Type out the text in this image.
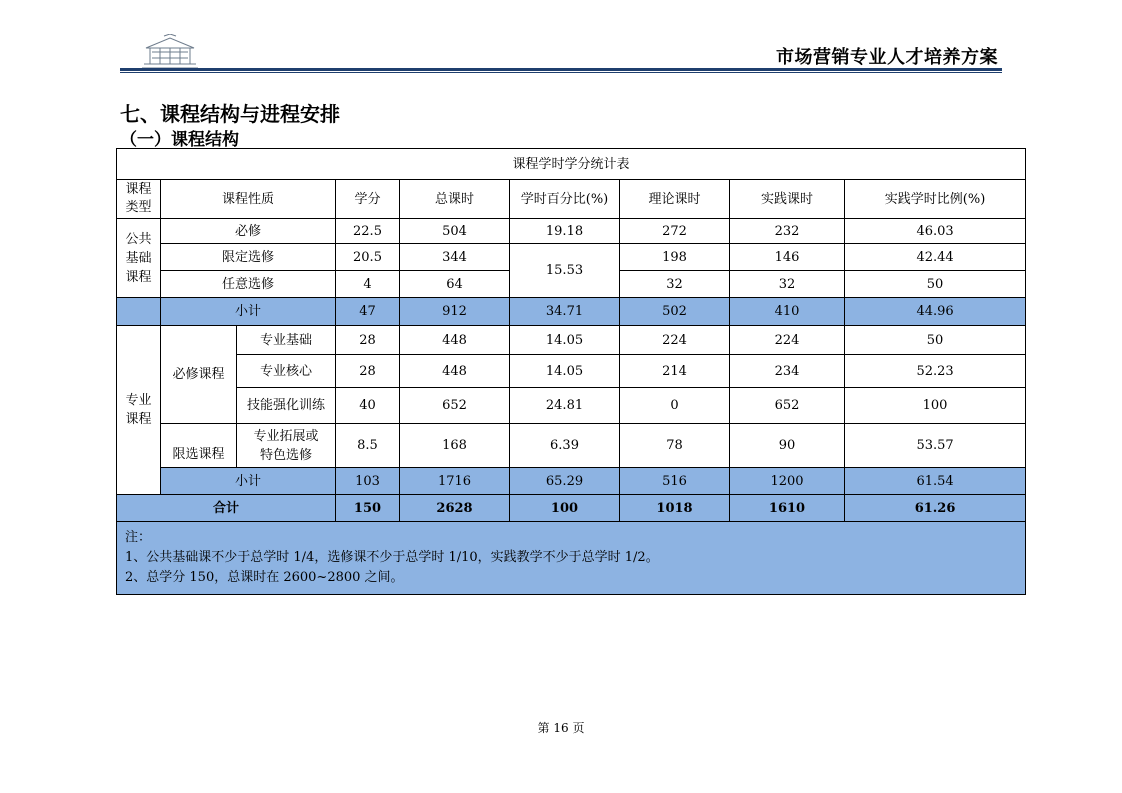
市场营销专业人才培养方案
七、课程结构与进程安排
（一）课程结构
课程学时学分统计表								

课程类型	课程性质		学分	总课时	学时百分比(%)	理论课时	实践课时	实践学时比例(%)

公共基础课程	必修		22.5	504	19.18	272	232	46.03
	限定选修		20.5	344	15.53	198	146	42.44
	任意选修		4	64		32	32	50
	小计		47	912	34.71	502	410	44.96

专业课程	必修课程	专业基础	28	448	14.05	224	224	50
		专业核心	28	448	14.05	214	234	52.23
		技能强化训练	40	652	24.81	0	652	100
	限选课程	专业拓展或特色选修	8.5	168	6.39	78	90	53.57
	小计		103	1716	65.29	516	1200	61.54
合计			150	2628	100	1018	1610	61.26

注：
1、公共基础课不少于总学时 1/4，选修课不少于总学时 1/10，实践教学不少于总学时 1/2。
2、总学分 150，总课时在 2600~2800 之间。								
第 16 页
